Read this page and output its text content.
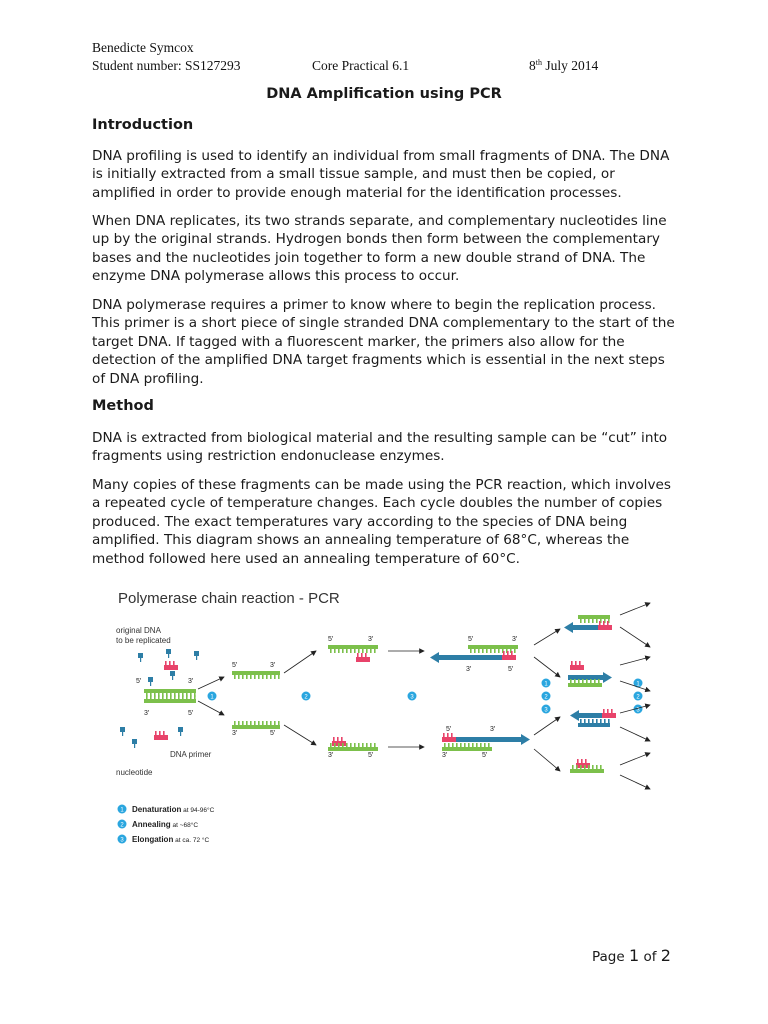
Benedicte Symcox
Student number: SS127293	Core Practical 6.1	8th July 2014
DNA Amplification using PCR
Introduction

DNA profiling is used to identify an individual from small fragments of DNA. The DNA is initially extracted from a small tissue sample, and must then be copied, or amplified in order to provide enough material for the identification processes.

When DNA replicates, its two strands separate, and complementary nucleotides line up by the original strands. Hydrogen bonds then form between the complementary bases and the nucleotides join together to form a new double strand of DNA. The enzyme DNA polymerase allows this process to occur.

DNA polymerase requires a primer to know where to begin the replication process. This primer is a short piece of single stranded DNA complementary to the start of the target DNA. If tagged with a fluorescent marker, the primers also allow for the detection of the amplified DNA target fragments which is essential in the next steps of DNA profiling.

Method

DNA is extracted from biological material and the resulting sample can be “cut” into fragments using restriction endonuclease enzymes.

Many copies of these fragments can be made using the PCR reaction, which involves a repeated cycle of temperature changes. Each cycle doubles the number of copies produced. The exact temperatures vary according to the species of DNA being amplified. This diagram shows an annealing temperature of 68°C, whereas the method followed here used an annealing temperature of 60°C.

Polymerase chain reaction - PCR
original DNA
to be replicated
DNA primer
nucleotide
5′	3′
3′	5′
1
5′	3′
3′	5′
2
5′	3′
3′	5′
3
5′	3′
3′	5′
5′	3′
3′	5′
1
2
3
1
2
3
1 Denaturation at 94-96°C
2 Annealing at ~68°C
3 Elongation at ca. 72 °C
Page 1 of 2
